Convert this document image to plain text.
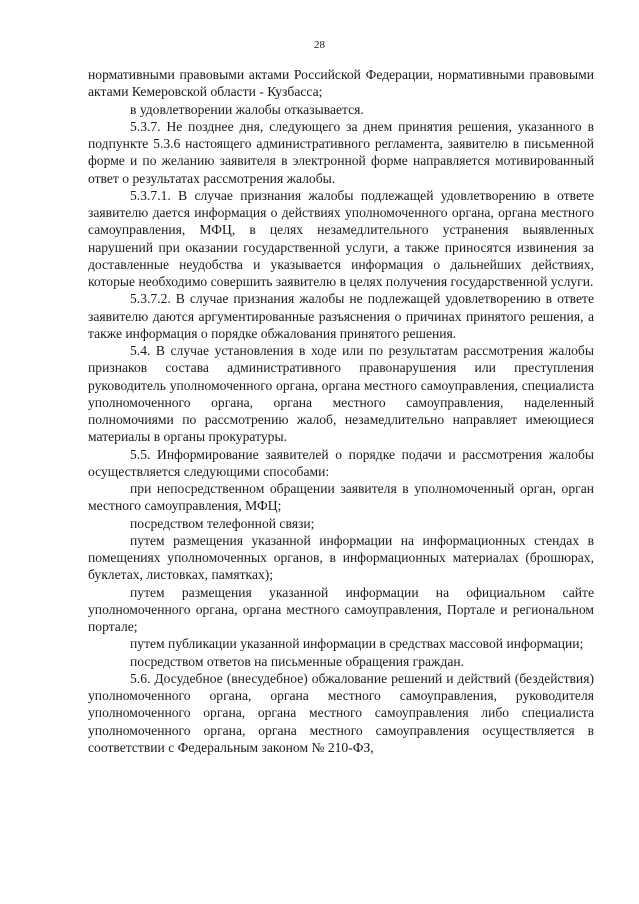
28

нормативными правовыми актами Российской Федерации, нормативными правовыми актами Кемеровской области - Кузбасса;

в удовлетворении жалобы отказывается.

5.3.7. Не позднее дня, следующего за днем принятия решения, указанного в подпункте 5.3.6 настоящего административного регламента, заявителю в письменной форме и по желанию заявителя в электронной форме направляется мотивированный ответ о результатах рассмотрения жалобы.

5.3.7.1. В случае признания жалобы подлежащей удовлетворению в ответе заявителю дается информация о действиях уполномоченного органа, органа местного самоуправления, МФЦ, в целях незамедлительного устранения выявленных нарушений при оказании государственной услуги, а также приносятся извинения за доставленные неудобства и указывается информация о дальнейших действиях, которые необходимо совершить заявителю в целях получения государственной услуги.

5.3.7.2. В случае признания жалобы не подлежащей удовлетворению в ответе заявителю даются аргументированные разъяснения о причинах принятого решения, а также информация о порядке обжалования принятого решения.

5.4. В случае установления в ходе или по результатам рассмотрения жалобы признаков состава административного правонарушения или преступления руководитель уполномоченного органа, органа местного самоуправления, специалиста уполномоченного органа, органа местного самоуправления, наделенный полномочиями по рассмотрению жалоб, незамедлительно направляет имеющиеся материалы в органы прокуратуры.

5.5. Информирование заявителей о порядке подачи и рассмотрения жалобы осуществляется следующими способами:

при непосредственном обращении заявителя в уполномоченный орган, орган местного самоуправления, МФЦ;

посредством телефонной связи;

путем размещения указанной информации на информационных стендах в помещениях уполномоченных органов, в информационных материалах (брошюрах, буклетах, листовках, памятках);

путем размещения указанной информации на официальном сайте уполномоченного органа, органа местного самоуправления, Портале и региональном портале;

путем публикации указанной информации в средствах массовой информации;

посредством ответов на письменные обращения граждан.

5.6. Досудебное (внесудебное) обжалование решений и действий (бездействия) уполномоченного органа, органа местного самоуправления, руководителя уполномоченного органа, органа местного самоуправления либо специалиста уполномоченного органа, органа местного самоуправления осуществляется в соответствии с Федеральным законом № 210-ФЗ,
